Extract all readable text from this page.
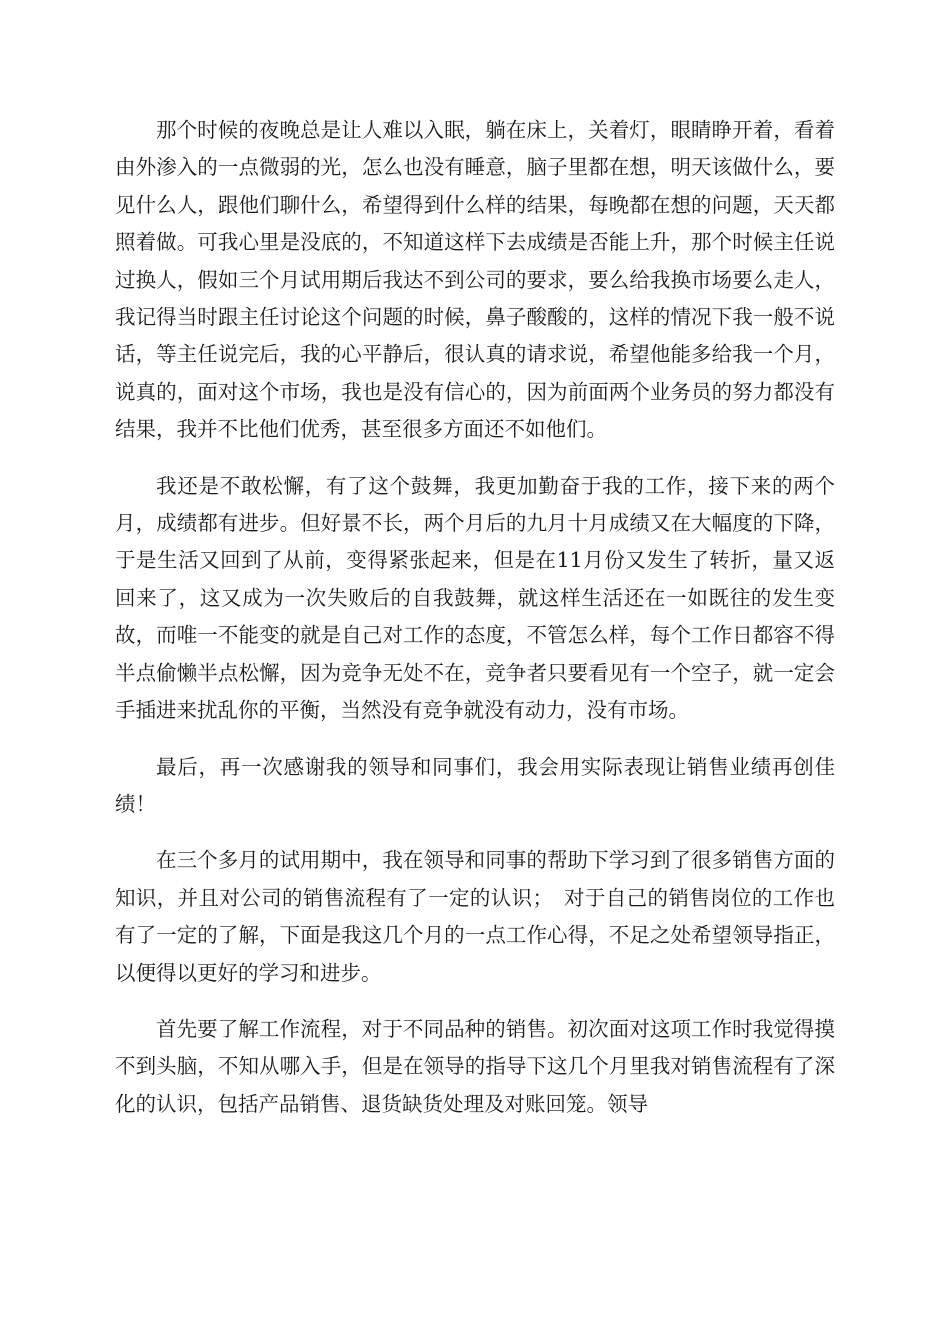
那个时候的夜晚总是让人难以入眠，躺在床上，关着灯，眼睛睁开着，看着由外渗入的一点微弱的光，怎么也没有睡意，脑子里都在想，明天该做什么，要见什么人，跟他们聊什么，希望得到什么样的结果，每晚都在想的问题，天天都照着做。可我心里是没底的，不知道这样下去成绩是否能上升，那个时候主任说过换人，假如三个月试用期后我达不到公司的要求，要么给我换市场要么走人，我记得当时跟主任讨论这个问题的时候，鼻子酸酸的，这样的情况下我一般不说话，等主任说完后，我的心平静后，很认真的请求说，希望他能多给我一个月，说真的，面对这个市场，我也是没有信心的，因为前面两个业务员的努力都没有结果，我并不比他们优秀，甚至很多方面还不如他们。

我还是不敢松懈，有了这个鼓舞，我更加勤奋于我的工作，接下来的两个月，成绩都有进步。但好景不长，两个月后的九月十月成绩又在大幅度的下降，于是生活又回到了从前，变得紧张起来，但是在11月份又发生了转折，量又返回来了，这又成为一次失败后的自我鼓舞，就这样生活还在一如既往的发生变故，而唯一不能变的就是自己对工作的态度，不管怎么样，每个工作日都容不得半点偷懒半点松懈，因为竞争无处不在，竞争者只要看见有一个空子，就一定会手插进来扰乱你的平衡，当然没有竞争就没有动力，没有市场。

最后，再一次感谢我的领导和同事们，我会用实际表现让销售业绩再创佳绩！

在三个多月的试用期中，我在领导和同事的帮助下学习到了很多销售方面的知识，并且对公司的销售流程有了一定的认识；　对于自己的销售岗位的工作也有了一定的了解，下面是我这几个月的一点工作心得，不足之处希望领导指正，以便得以更好的学习和进步。

首先要了解工作流程，对于不同品种的销售。初次面对这项工作时我觉得摸不到头脑，不知从哪入手，但是在领导的指导下这几个月里我对销售流程有了深化的认识，包括产品销售、退货缺货处理及对账回笼。领导
